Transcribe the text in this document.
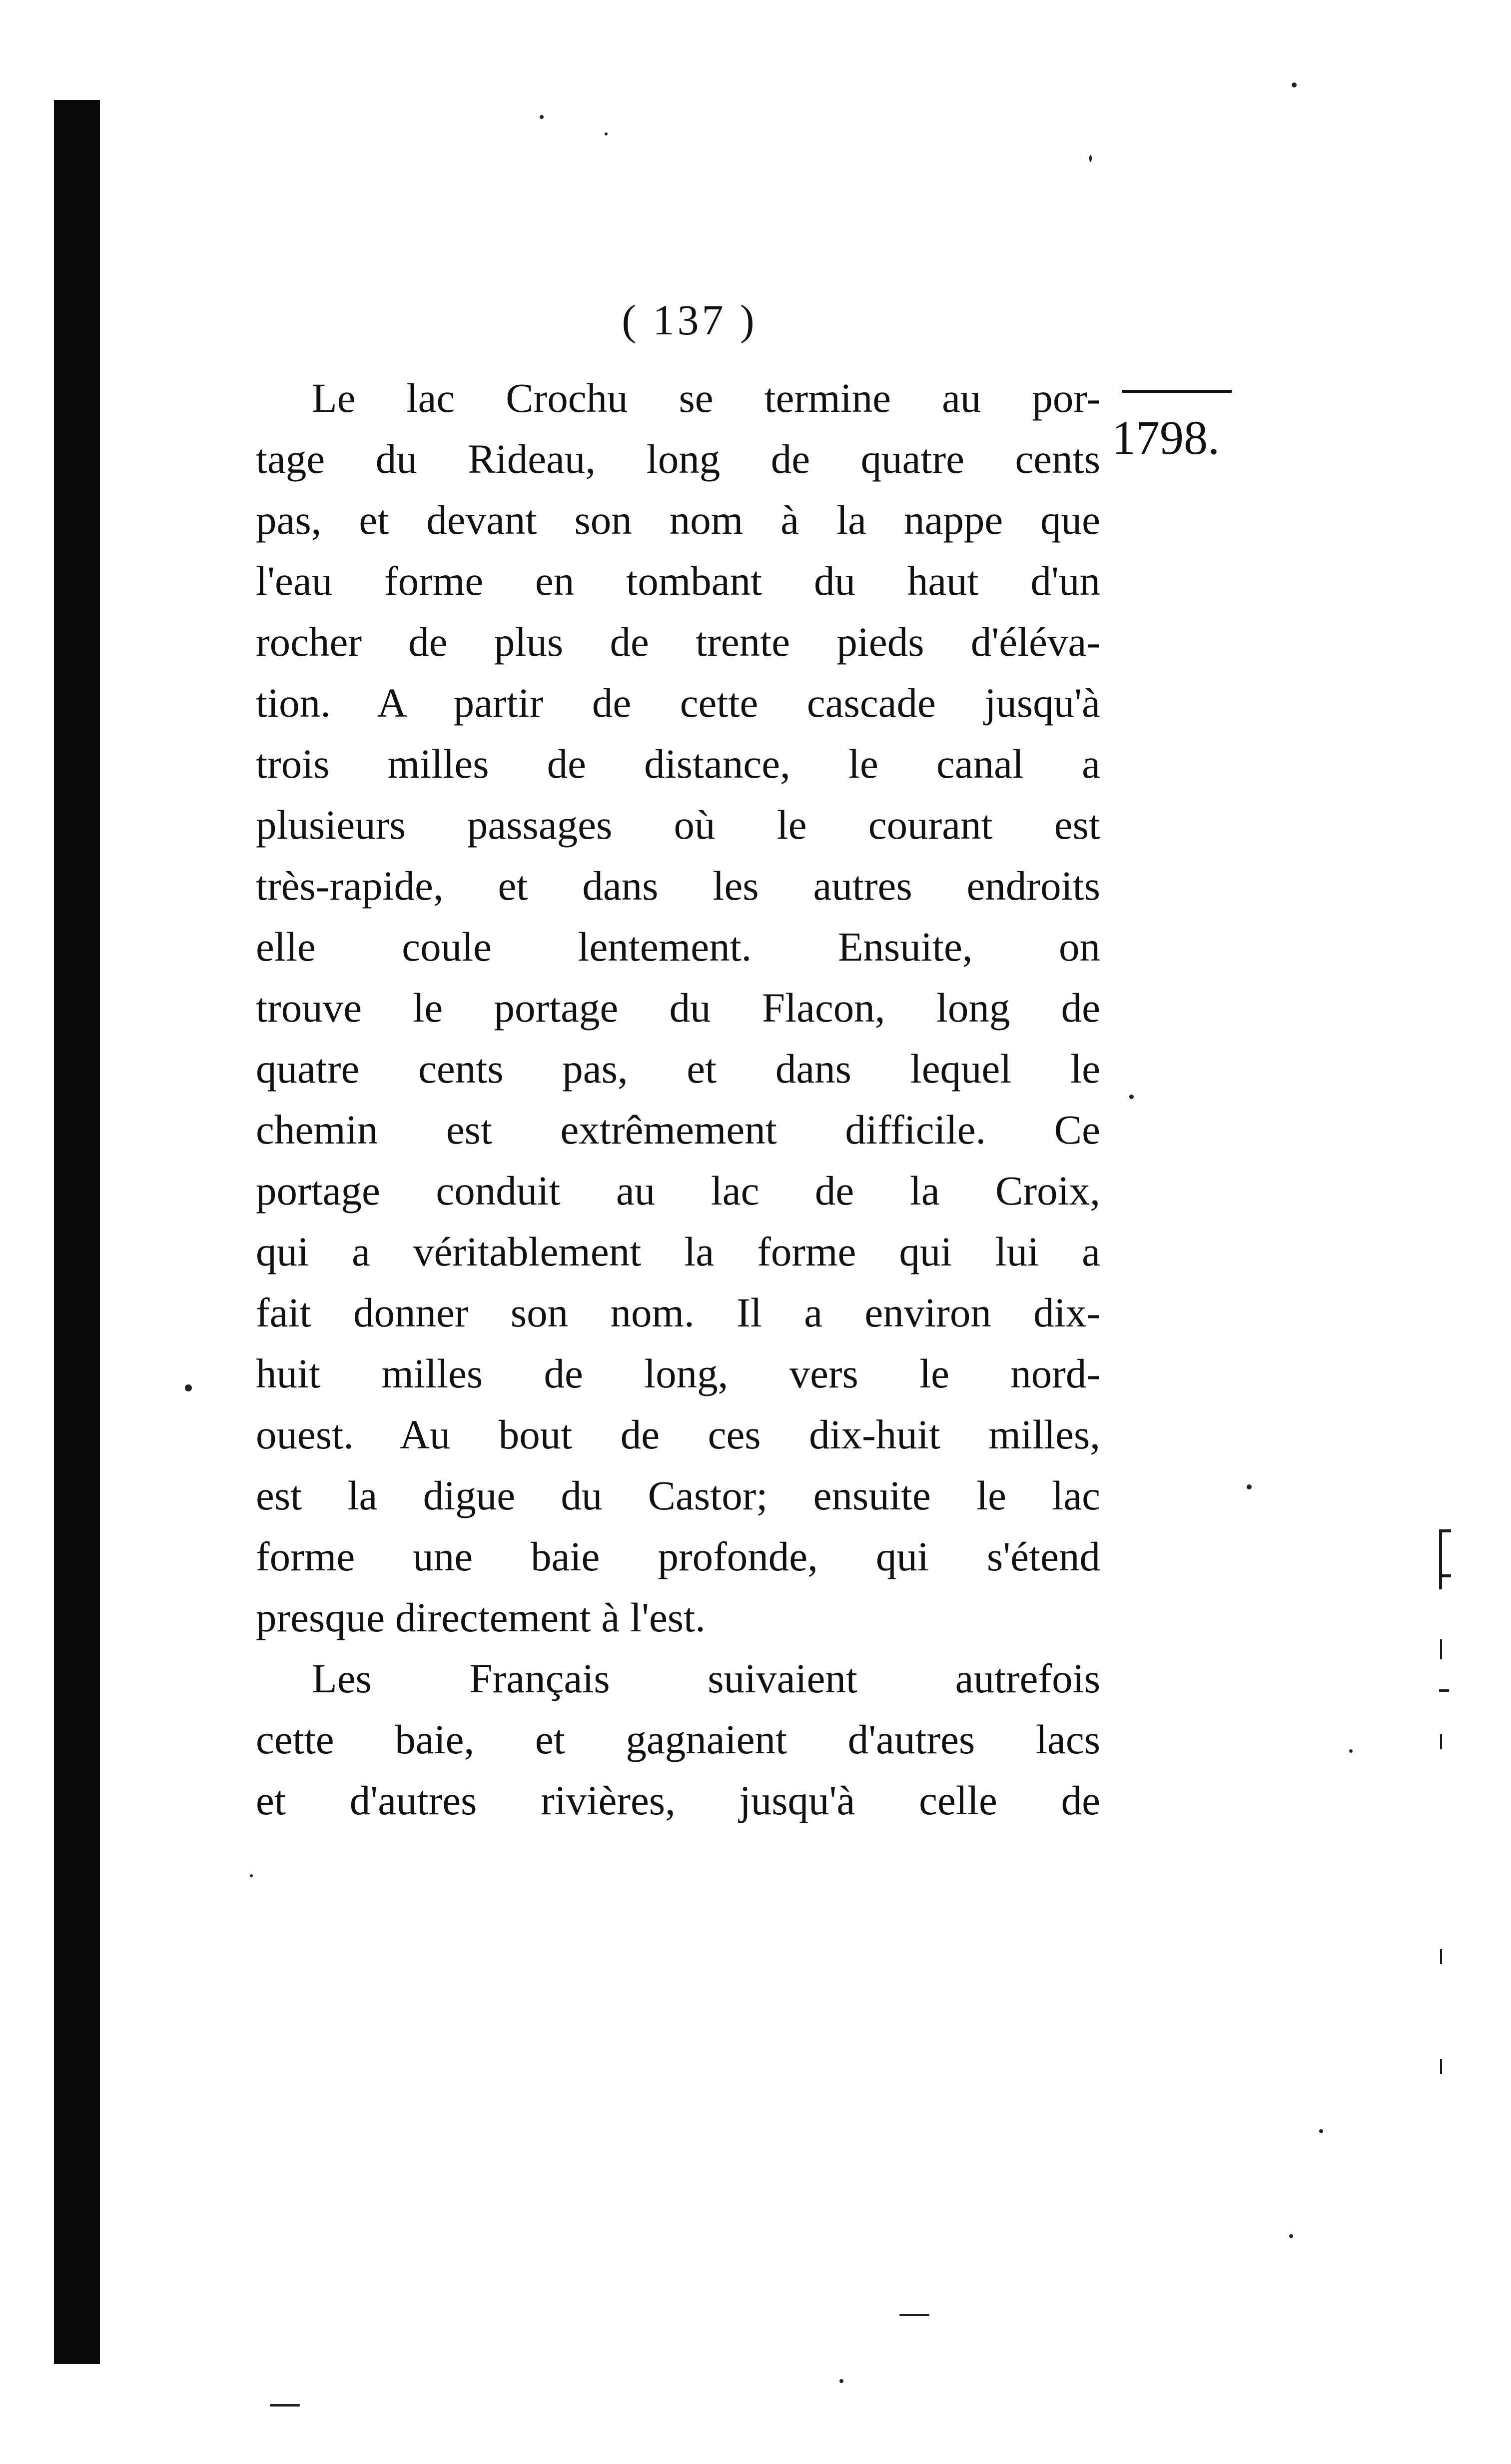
( 137 )
1798.
Le lac Crochu se termine au por-
tage du Rideau, long de quatre cents
pas, et devant son nom à la nappe que
l'eau forme en tombant du haut d'un
rocher de plus de trente pieds d'éléva-
tion. A partir de cette cascade jusqu'à
trois milles de distance, le canal a
plusieurs passages où le courant est
très-rapide, et dans les autres endroits
elle coule lentement. Ensuite, on
trouve le portage du Flacon, long de
quatre cents pas, et dans lequel le
chemin est extrêmement difficile. Ce
portage conduit au lac de la Croix,
qui a véritablement la forme qui lui a
fait donner son nom. Il a environ dix-
huit milles de long, vers le nord-
ouest. Au bout de ces dix-huit milles,
est la digue du Castor; ensuite le lac
forme une baie profonde, qui s'étend
presque directement à l'est.
Les Français suivaient autrefois
cette baie, et gagnaient d'autres lacs
et d'autres rivières, jusqu'à celle de
